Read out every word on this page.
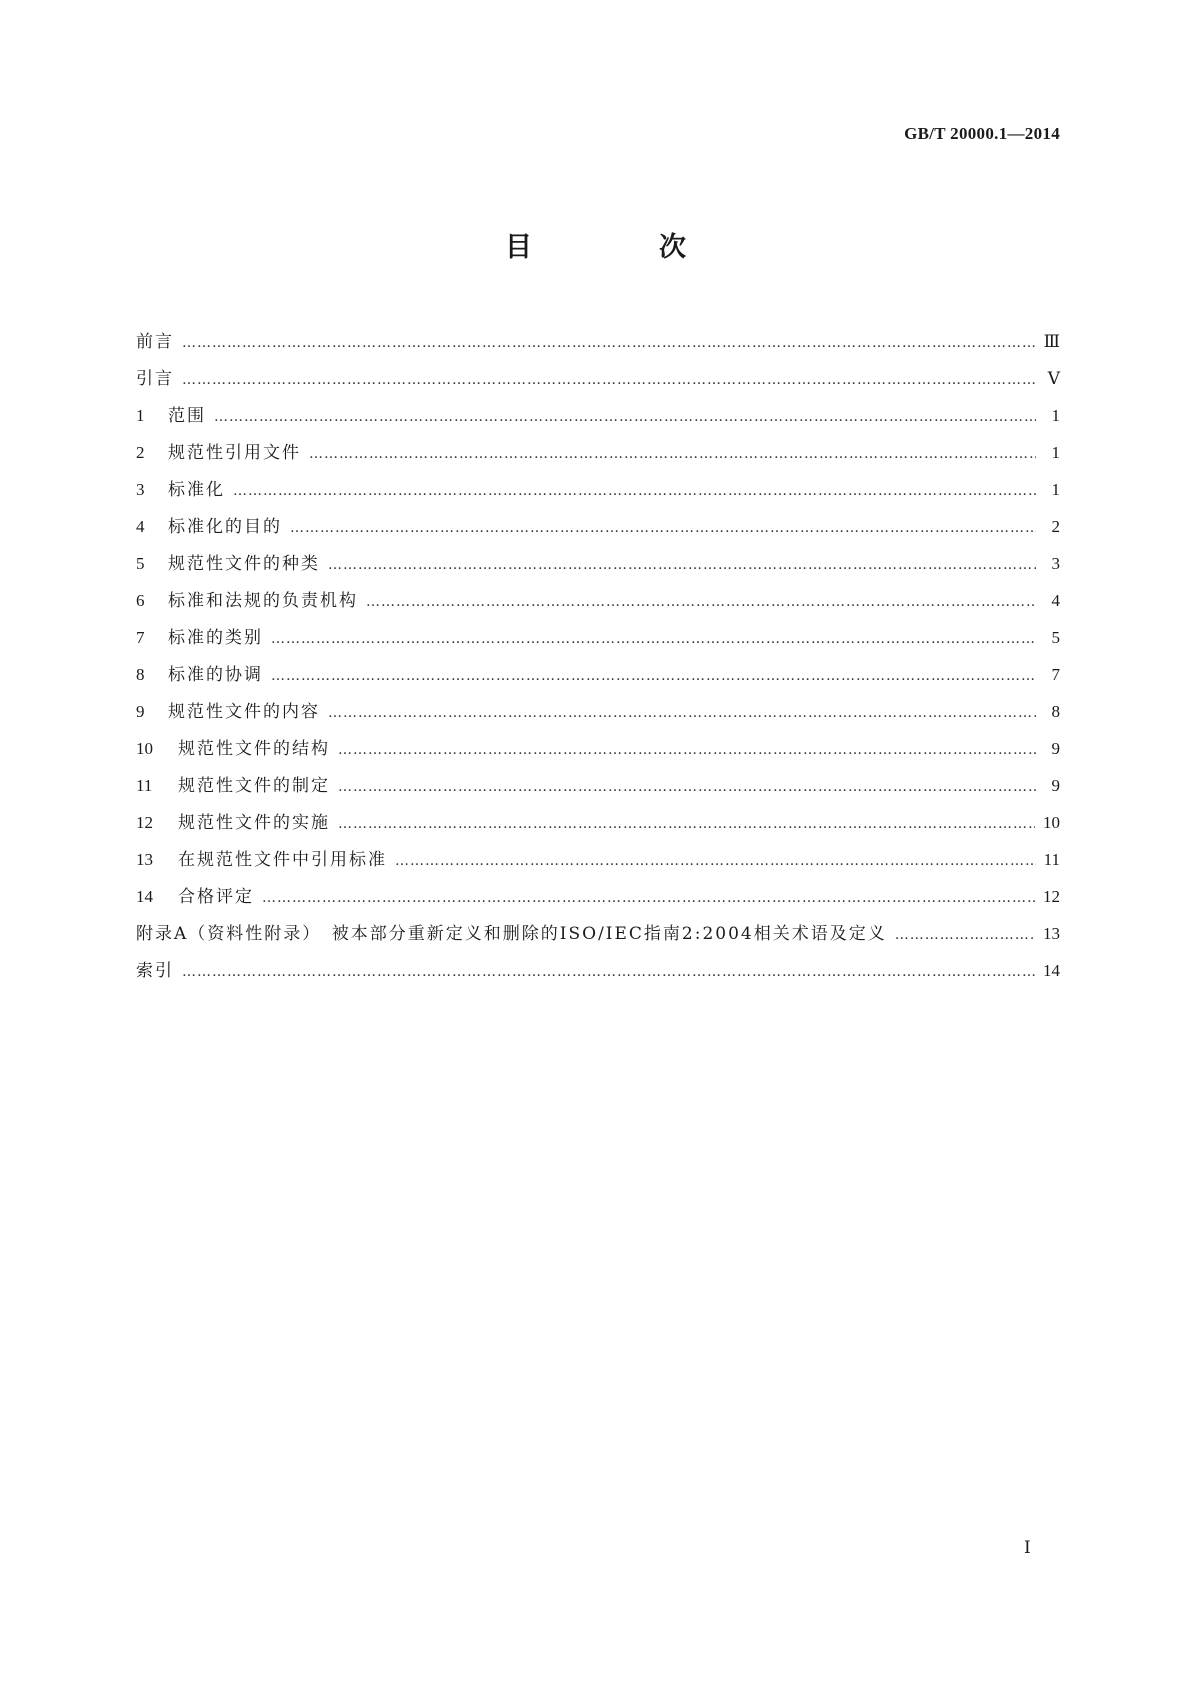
GB/T 20000.1—2014
目　次
前言 ………………………………………………………………………………………………………………………………………………………………………………………………………………………………………………	Ⅲ
引言 ………………………………………………………………………………………………………………………………………………………………………………………………………………………………………………	Ⅴ
1	范围 ………………………………………………………………………………………………………………………………………………………………………………………………………………………………………………	1
2	规范性引用文件 ………………………………………………………………………………………………………………………………………………………………………………………………………………………………………………	1
3	标准化 ………………………………………………………………………………………………………………………………………………………………………………………………………………………………………………	1
4	标准化的目的 ………………………………………………………………………………………………………………………………………………………………………………………………………………………………………………	2
5	规范性文件的种类 ………………………………………………………………………………………………………………………………………………………………………………………………………………………………………………	3
6	标准和法规的负责机构 ………………………………………………………………………………………………………………………………………………………………………………………………………………………………………………	4
7	标准的类别 ………………………………………………………………………………………………………………………………………………………………………………………………………………………………………………	5
8	标准的协调 ………………………………………………………………………………………………………………………………………………………………………………………………………………………………………………	7
9	规范性文件的内容 ………………………………………………………………………………………………………………………………………………………………………………………………………………………………………………	8
10	规范性文件的结构 ………………………………………………………………………………………………………………………………………………………………………………………………………………………………………………	9
11	规范性文件的制定 ………………………………………………………………………………………………………………………………………………………………………………………………………………………………………………	9
12	规范性文件的实施 ………………………………………………………………………………………………………………………………………………………………………………………………………………………………………………	10
13	在规范性文件中引用标准 ………………………………………………………………………………………………………………………………………………………………………………………………………………………………………………	11
14	合格评定 ………………………………………………………………………………………………………………………………………………………………………………………………………………………………………………	12
附录A（资料性附录）　被本部分重新定义和删除的ISO/IEC指南2:2004相关术语及定义 ………………………………………………………………………………………………………………………………………………………………………………………………………………………………………………	13
索引 ………………………………………………………………………………………………………………………………………………………………………………………………………………………………………………	14
Ⅰ
